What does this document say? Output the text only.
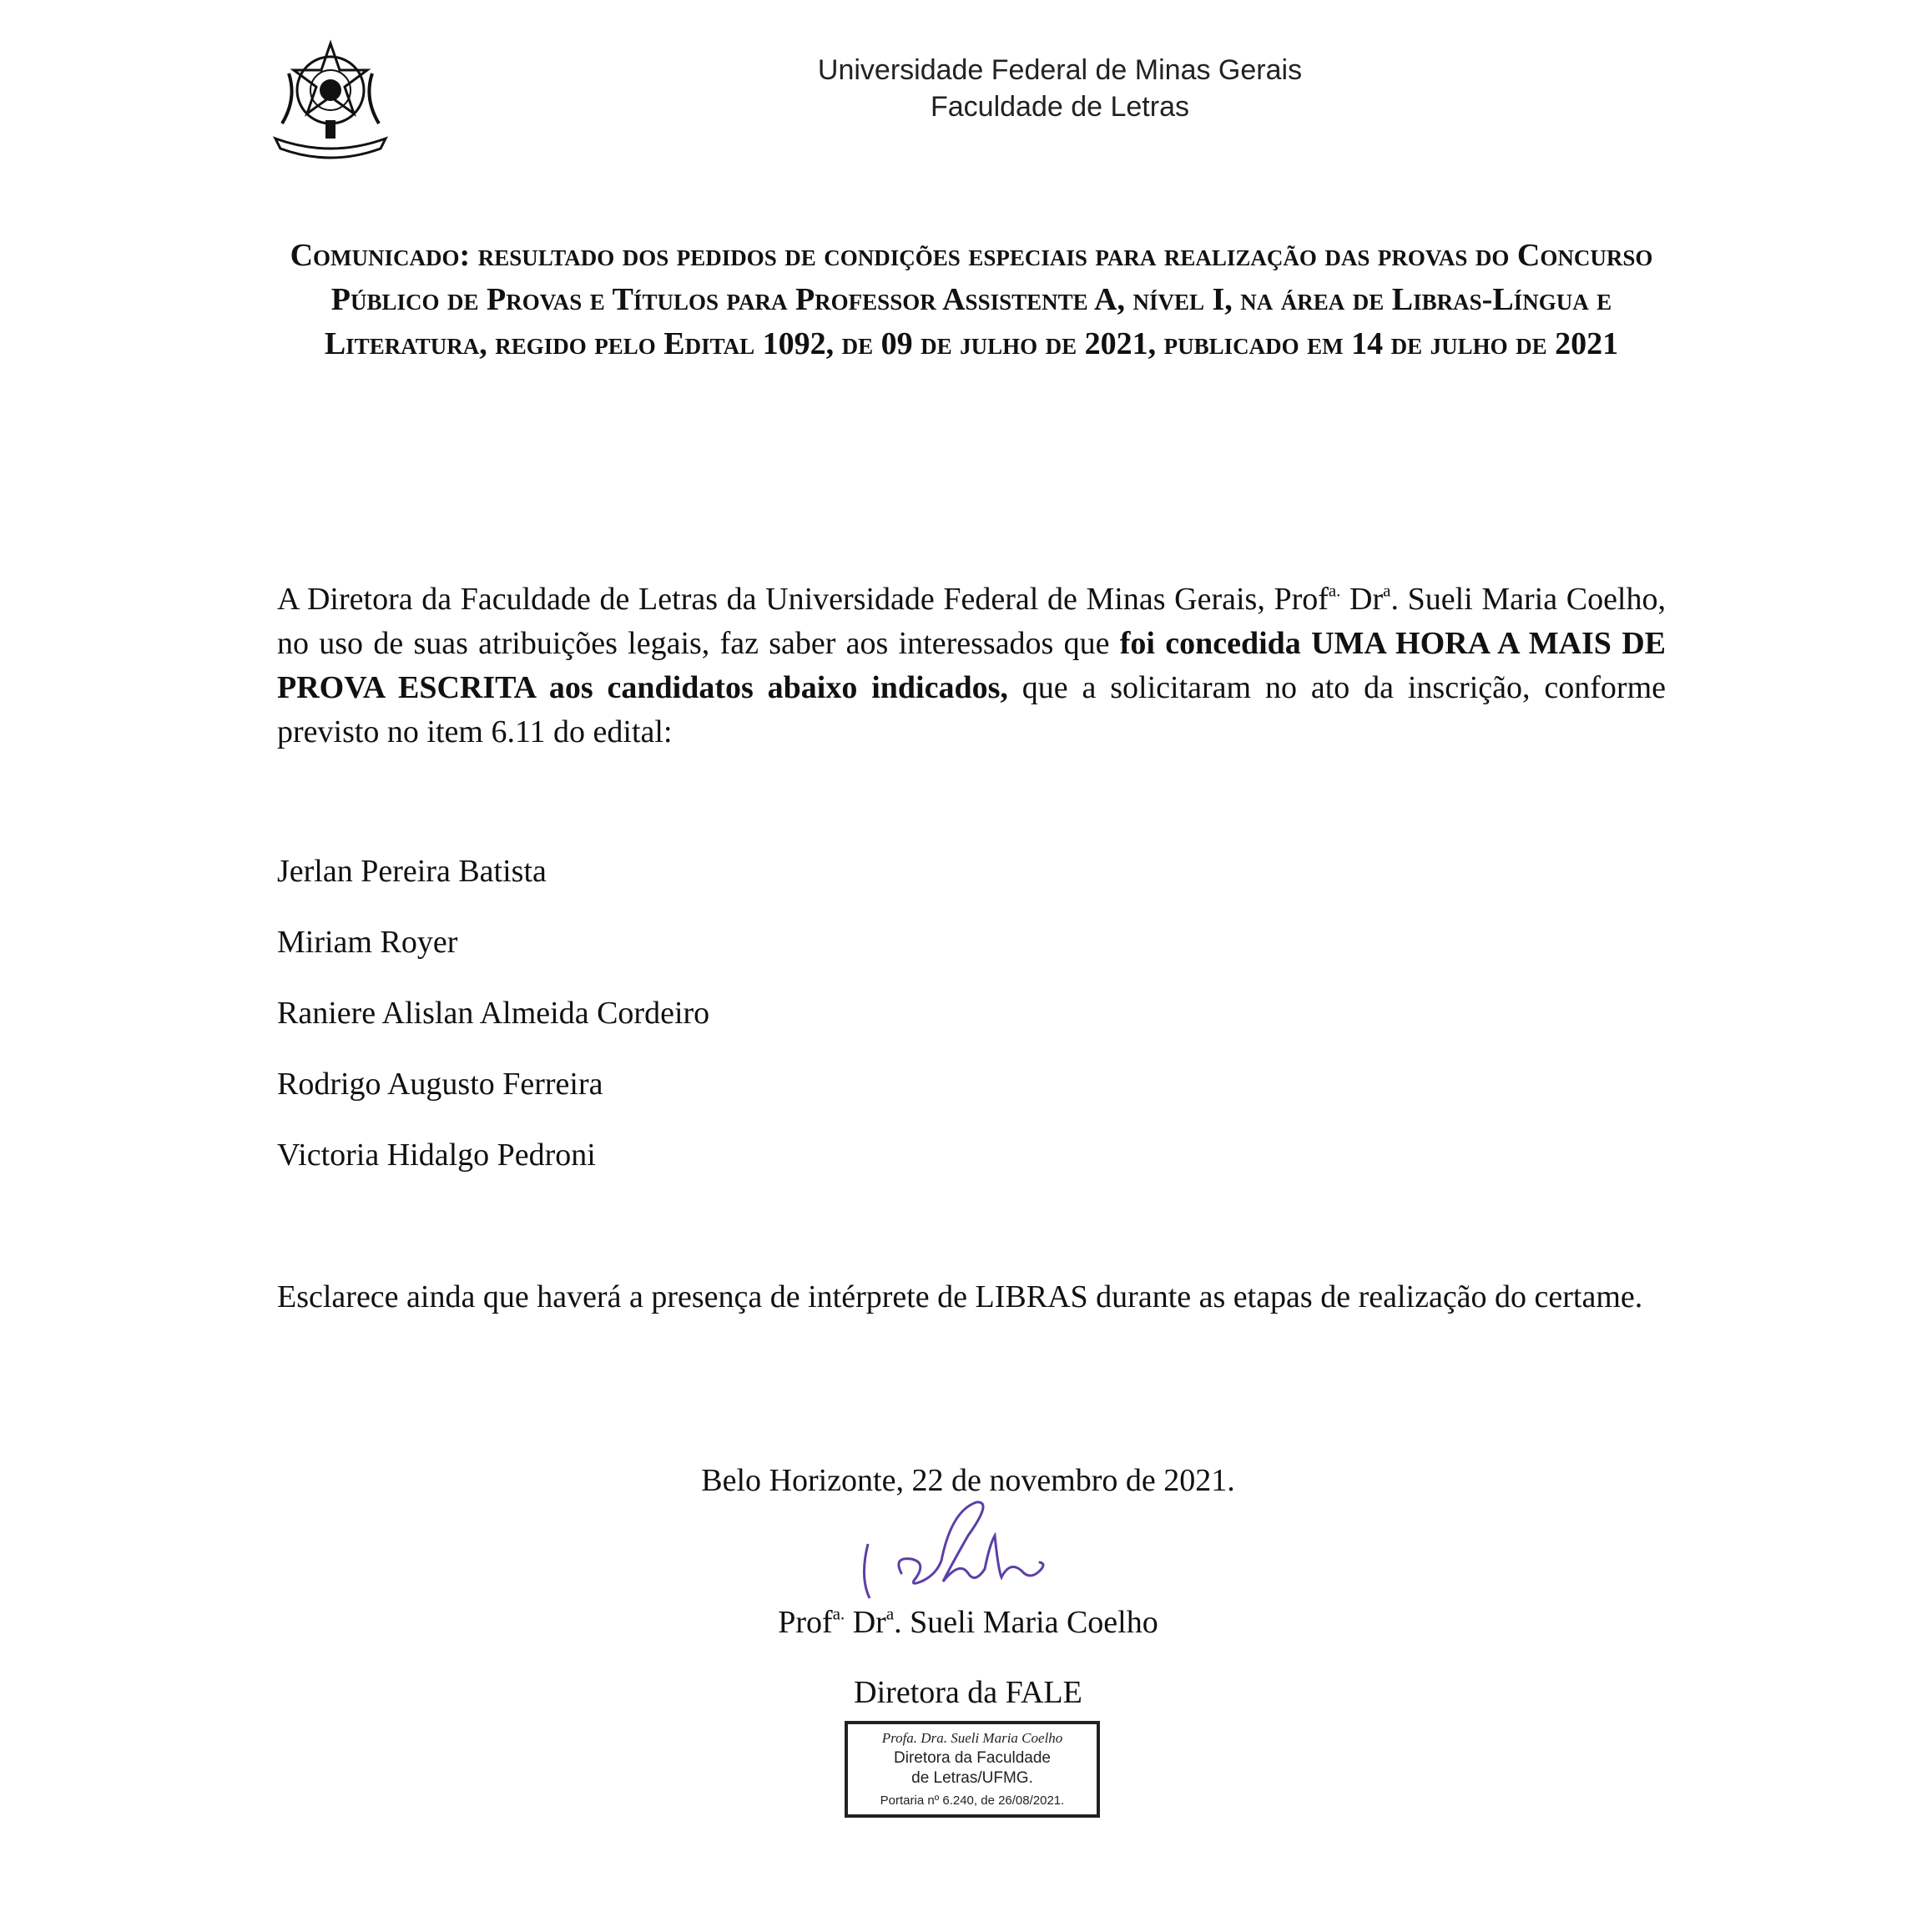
Universidade Federal de Minas Gerais
Faculdade de Letras
Comunicado: resultado dos pedidos de condições especiais para realização das provas do Concurso Público de Provas e Títulos para Professor Assistente A, nível I, na área de Libras-Língua e Literatura, regido pelo Edital 1092, de 09 de julho de 2021, publicado em 14 de julho de 2021
A Diretora da Faculdade de Letras da Universidade Federal de Minas Gerais, Prof$^{a.}$ Dr$^a$. Sueli Maria Coelho, no uso de suas atribuições legais, faz saber aos interessados que foi concedida UMA HORA A MAIS DE PROVA ESCRITA aos candidatos abaixo indicados, que a solicitaram no ato da inscrição, conforme previsto no item 6.11 do edital:
Jerlan Pereira Batista
Miriam Royer
Raniere Alislan Almeida Cordeiro
Rodrigo Augusto Ferreira
Victoria Hidalgo Pedroni
Esclarece ainda que haverá a presença de intérprete de LIBRAS durante as etapas de realização do certame.
Belo Horizonte, 22 de novembro de 2021.
Prof$^{a.}$ Dr$^a$. Sueli Maria Coelho
Diretora da FALE
Profa. Dra. Sueli Maria Coelho
Diretora da Faculdade
de Letras/UFMG.
Portaria nº 6.240, de 26/08/2021.
